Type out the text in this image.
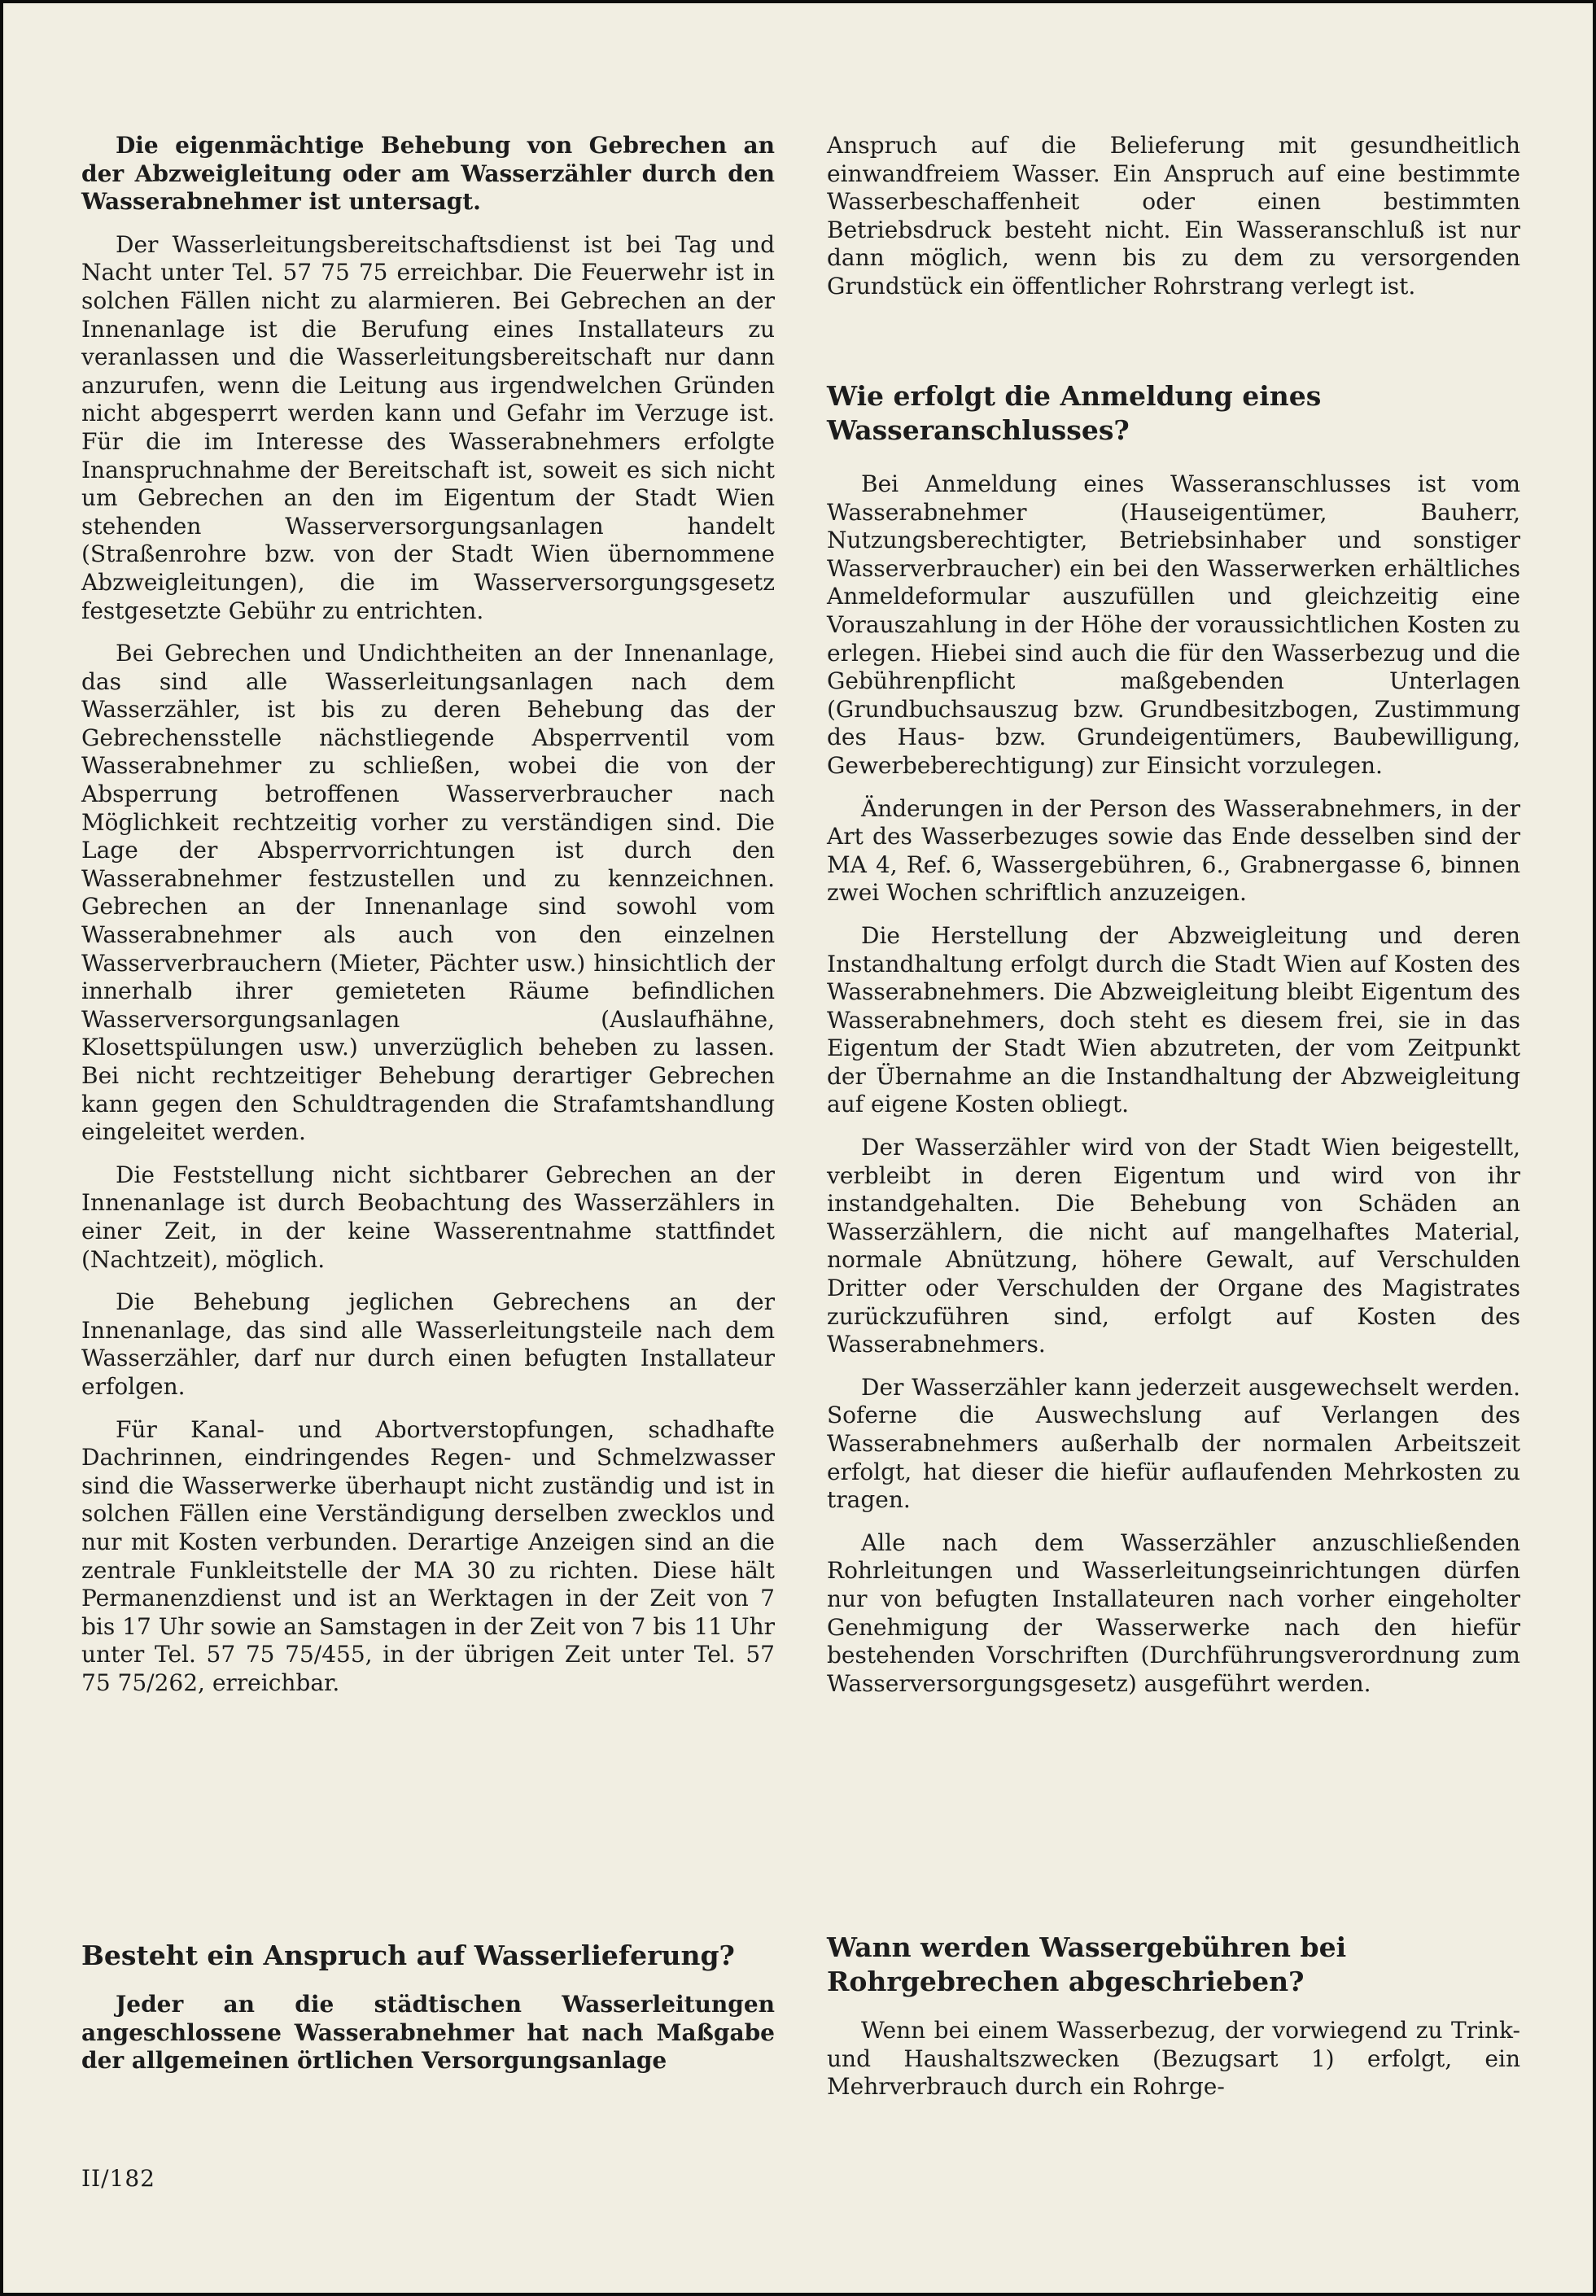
Die eigenmächtige Behebung von Gebrechen an der Abzweigleitung oder am Wasserzähler durch den Wasserabnehmer ist untersagt.

Der Wasserleitungsbereitschaftsdienst ist bei Tag und Nacht unter Tel. 57 75 75 erreichbar. Die Feuerwehr ist in solchen Fällen nicht zu alarmieren. Bei Gebrechen an der Innenanlage ist die Berufung eines Installateurs zu veranlassen und die Wasserleitungsbereitschaft nur dann anzurufen, wenn die Leitung aus irgendwelchen Gründen nicht abgesperrt werden kann und Gefahr im Verzuge ist. Für die im Interesse des Wasserabnehmers erfolgte Inanspruchnahme der Bereitschaft ist, soweit es sich nicht um Gebrechen an den im Eigentum der Stadt Wien stehenden Wasserversorgungsanlagen handelt (Straßenrohre bzw. von der Stadt Wien übernommene Abzweigleitungen), die im Wasserversorgungsgesetz festgesetzte Gebühr zu entrichten.

Bei Gebrechen und Undichtheiten an der Innenanlage, das sind alle Wasserleitungsanlagen nach dem Wasserzähler, ist bis zu deren Behebung das der Gebrechensstelle nächstliegende Absperrventil vom Wasserabnehmer zu schließen, wobei die von der Absperrung betroffenen Wasserverbraucher nach Möglichkeit rechtzeitig vorher zu verständigen sind. Die Lage der Absperrvorrichtungen ist durch den Wasserabnehmer festzustellen und zu kennzeichnen. Gebrechen an der Innenanlage sind sowohl vom Wasserabnehmer als auch von den einzelnen Wasserverbrauchern (Mieter, Pächter usw.) hinsichtlich der innerhalb ihrer gemieteten Räume befindlichen Wasserversorgungsanlagen (Auslaufhähne, Klosettspülungen usw.) unverzüglich beheben zu lassen. Bei nicht rechtzeitiger Behebung derartiger Gebrechen kann gegen den Schuldtragenden die Strafamtshandlung eingeleitet werden.

Die Feststellung nicht sichtbarer Gebrechen an der Innenanlage ist durch Beobachtung des Wasserzählers in einer Zeit, in der keine Wasserentnahme stattfindet (Nachtzeit), möglich.

Die Behebung jeglichen Gebrechens an der Innenanlage, das sind alle Wasserleitungsteile nach dem Wasserzähler, darf nur durch einen befugten Installateur erfolgen.

Für Kanal- und Abortverstopfungen, schadhafte Dachrinnen, eindringendes Regen- und Schmelzwasser sind die Wasserwerke überhaupt nicht zuständig und ist in solchen Fällen eine Verständigung derselben zwecklos und nur mit Kosten verbunden. Derartige Anzeigen sind an die zentrale Funkleitstelle der MA 30 zu richten. Diese hält Permanenzdienst und ist an Werktagen in der Zeit von 7 bis 17 Uhr sowie an Samstagen in der Zeit von 7 bis 11 Uhr unter Tel. 57 75 75/455, in der übrigen Zeit unter Tel. 57 75 75/262, erreichbar.

Besteht ein Anspruch auf Wasserlieferung?

Jeder an die städtischen Wasserleitungen angeschlossene Wasserabnehmer hat nach Maßgabe der allgemeinen örtlichen Versorgungsanlage

Anspruch auf die Belieferung mit gesundheitlich einwandfreiem Wasser. Ein Anspruch auf eine bestimmte Wasserbeschaffenheit oder einen bestimmten Betriebsdruck besteht nicht. Ein Wasseranschluß ist nur dann möglich, wenn bis zu dem zu versorgenden Grundstück ein öffentlicher Rohrstrang verlegt ist.

Wie erfolgt die Anmeldung eines Wasseranschlusses?

Bei Anmeldung eines Wasseranschlusses ist vom Wasserabnehmer (Hauseigentümer, Bauherr, Nutzungsberechtigter, Betriebsinhaber und sonstiger Wasserverbraucher) ein bei den Wasserwerken erhältliches Anmeldeformular auszufüllen und gleichzeitig eine Vorauszahlung in der Höhe der voraussichtlichen Kosten zu erlegen. Hiebei sind auch die für den Wasserbezug und die Gebührenpflicht maßgebenden Unterlagen (Grundbuchsauszug bzw. Grundbesitzbogen, Zustimmung des Haus- bzw. Grundeigentümers, Baubewilligung, Gewerbeberechtigung) zur Einsicht vorzulegen.

Änderungen in der Person des Wasserabnehmers, in der Art des Wasserbezuges sowie das Ende desselben sind der MA 4, Ref. 6, Wassergebühren, 6., Grabnergasse 6, binnen zwei Wochen schriftlich anzuzeigen.

Die Herstellung der Abzweigleitung und deren Instandhaltung erfolgt durch die Stadt Wien auf Kosten des Wasserabnehmers. Die Abzweigleitung bleibt Eigentum des Wasserabnehmers, doch steht es diesem frei, sie in das Eigentum der Stadt Wien abzutreten, der vom Zeitpunkt der Übernahme an die Instandhaltung der Abzweigleitung auf eigene Kosten obliegt.

Der Wasserzähler wird von der Stadt Wien beigestellt, verbleibt in deren Eigentum und wird von ihr instandgehalten. Die Behebung von Schäden an Wasserzählern, die nicht auf mangelhaftes Material, normale Abnützung, höhere Gewalt, auf Verschulden Dritter oder Verschulden der Organe des Magistrates zurückzuführen sind, erfolgt auf Kosten des Wasserabnehmers.

Der Wasserzähler kann jederzeit ausgewechselt werden. Soferne die Auswechslung auf Verlangen des Wasserabnehmers außerhalb der normalen Arbeitszeit erfolgt, hat dieser die hiefür auflaufenden Mehrkosten zu tragen.

Alle nach dem Wasserzähler anzuschließenden Rohrleitungen und Wasserleitungseinrichtungen dürfen nur von befugten Installateuren nach vorher eingeholter Genehmigung der Wasserwerke nach den hiefür bestehenden Vorschriften (Durchführungsverordnung zum Wasserversorgungsgesetz) ausgeführt werden.

Wann werden Wassergebühren bei Rohrgebrechen abgeschrieben?

Wenn bei einem Wasserbezug, der vorwiegend zu Trink- und Haushaltszwecken (Bezugsart 1) erfolgt, ein Mehrverbrauch durch ein Rohrge-

II/182
